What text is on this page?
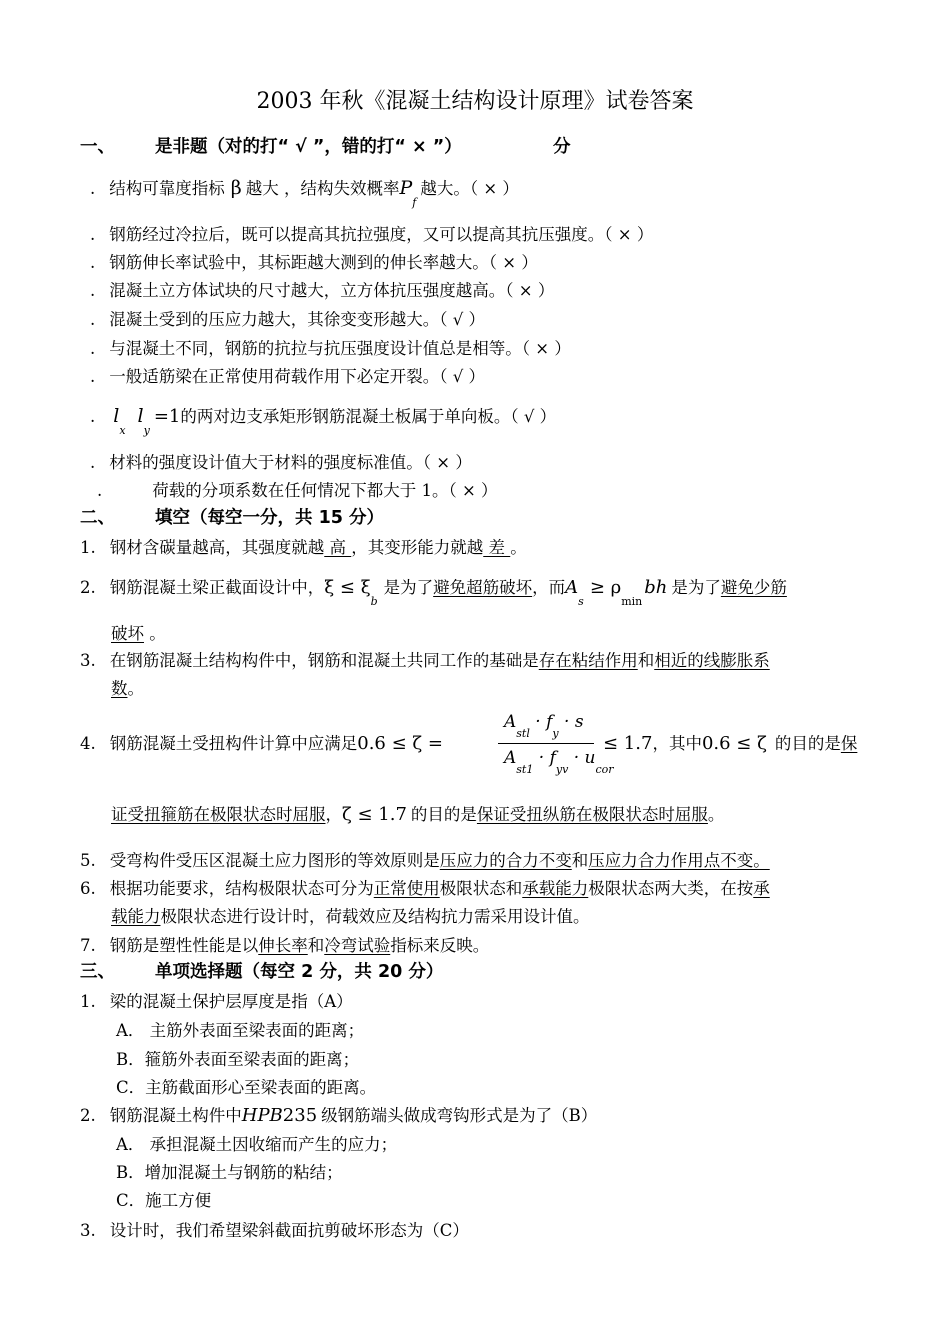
2003 年秋《混凝土结构设计原理》试卷答案
一、 是非题（对的打“ √ ”，错的打“ × ”）	分
. 结构可靠度指标 β 越大 ，结构失效概率$P_f$越大。（ × ）
. 钢筋经过冷拉后，既可以提高其抗拉强度，又可以提高其抗压强度。（ × ）
. 钢筋伸长率试验中，其标距越大测到的伸长率越大。（ × ）
. 混凝土立方体试块的尺寸越大，立方体抗压强度越高。（ × ）
. 混凝土受到的压应力越大，其徐变变形越大。（ √ ）
. 与混凝土不同，钢筋的抗拉与抗压强度设计值总是相等。（ × ）
. 一般适筋梁在正常使用荷载作用下必定开裂。（ √ ）
. $l_xl_y=1$的两对边支承矩形钢筋混凝土板属于单向板。（ √ ）
. 材料的强度设计值大于材料的强度标准值。（ × ）
.	荷载的分项系数在任何情况下都大于 1。（ × ）
二、 填空（每空一分，共 15 分）
1. 钢材含碳量越高，其强度就越 高 ，其变形能力就越 差 。
2. 钢筋混凝土梁正截面设计中，$\xi \le \xi_b$是为了避免超筋破坏，而$A_s\ge \rho_{min}bh$ 是为了避免少筋
破坏 。
3. 在钢筋混凝土结构构件中，钢筋和混凝土共同工作的基础是存在粘结作用和相近的线膨胀系
数。
4. 钢筋混凝土受扭构件计算中应满足0.6 ≤ ζ =
$A_{stl} \cdot f_y \cdot s$
$A_{st1} \cdot f_{yv} \cdot u_{cor}$
≤ 1.7，其中0.6 ≤ ζ 的目的是保
证受扭箍筋在极限状态时屈服，ζ ≤ 1.7 的目的是保证受扭纵筋在极限状态时屈服。
5. 受弯构件受压区混凝土应力图形的等效原则是压应力的合力不变和压应力合力作用点不变。
6. 根据功能要求，结构极限状态可分为正常使用极限状态和承载能力极限状态两大类，在按承
载能力极限状态进行设计时，荷载效应及结构抗力需采用设计值。
7. 钢筋是塑性性能是以伸长率和冷弯试验指标来反映。
三、 单项选择题（每空 2 分，共 20 分）
1. 梁的混凝土保护层厚度是指（A）
A． 主筋外表面至梁表面的距离；
B．箍筋外表面至梁表面的距离；
C．主筋截面形心至梁表面的距离。
2. 钢筋混凝土构件中HPB235 级钢筋端头做成弯钩形式是为了（B）
A． 承担混凝土因收缩而产生的应力；
B．增加混凝土与钢筋的粘结；
C．施工方便
3. 设计时，我们希望梁斜截面抗剪破坏形态为（C）
